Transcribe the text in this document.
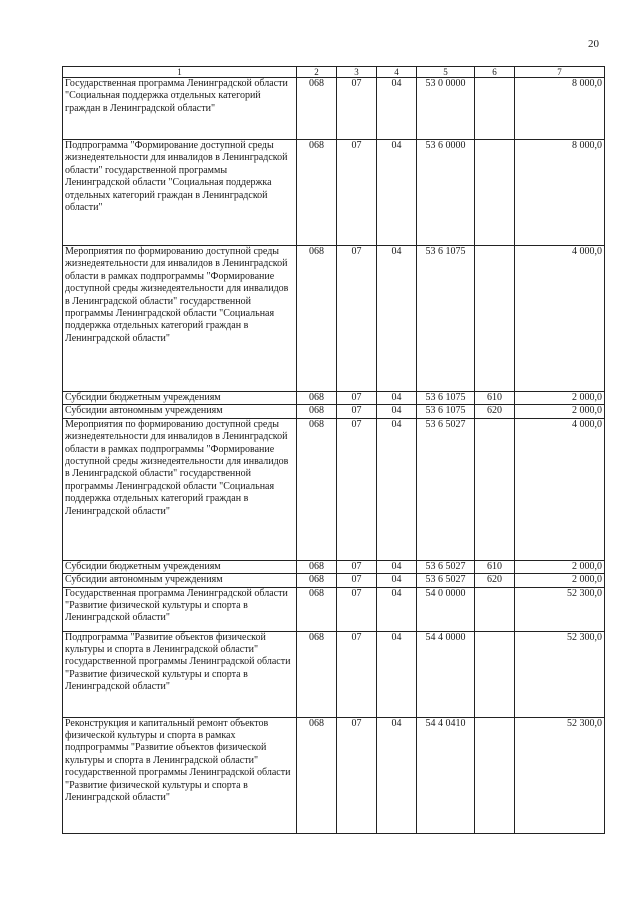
20
1	2	3	4	5	6	7
Государственная программа Ленинградской области "Социальная поддержка отдельных категорий граждан в Ленинградской области"	068	07	04	53 0 0000		8 000,0
Подпрограмма "Формирование доступной среды жизнедеятельности для инвалидов в Ленинградской области" государственной программы Ленинградской области "Социальная поддержка отдельных категорий граждан в Ленинградской области"	068	07	04	53 6 0000		8 000,0
Мероприятия по формированию доступной среды жизнедеятельности для инвалидов в Ленинградской области в рамках подпрограммы "Формирование доступной среды жизнедеятельности для инвалидов в Ленинградской области" государственной программы Ленинградской области "Социальная поддержка отдельных категорий граждан в Ленинградской области"	068	07	04	53 6 1075		4 000,0
Субсидии бюджетным учреждениям	068	07	04	53 6 1075	610	2 000,0
Субсидии автономным учреждениям	068	07	04	53 6 1075	620	2 000,0
Мероприятия по формированию доступной среды жизнедеятельности для инвалидов в Ленинградской области в рамках подпрограммы "Формирование доступной среды жизнедеятельности для инвалидов в Ленинградской области" государственной программы Ленинградской области "Социальная поддержка отдельных категорий граждан в Ленинградской области"	068	07	04	53 6 5027		4 000,0
Субсидии бюджетным учреждениям	068	07	04	53 6 5027	610	2 000,0
Субсидии автономным учреждениям	068	07	04	53 6 5027	620	2 000,0
Государственная программа Ленинградской области "Развитие физической культуры и спорта в Ленинградской области"	068	07	04	54 0 0000		52 300,0
Подпрограмма "Развитие объектов физической культуры и спорта в Ленинградской области" государственной программы Ленинградской области "Развитие физической культуры и спорта в Ленинградской области"	068	07	04	54 4 0000		52 300,0
Реконструкция и капитальный ремонт объектов физической культуры и спорта в рамках подпрограммы "Развитие объектов физической культуры и спорта в Ленинградской области" государственной программы Ленинградской области "Развитие физической культуры и спорта в Ленинградской области"	068	07	04	54 4 0410		52 300,0
